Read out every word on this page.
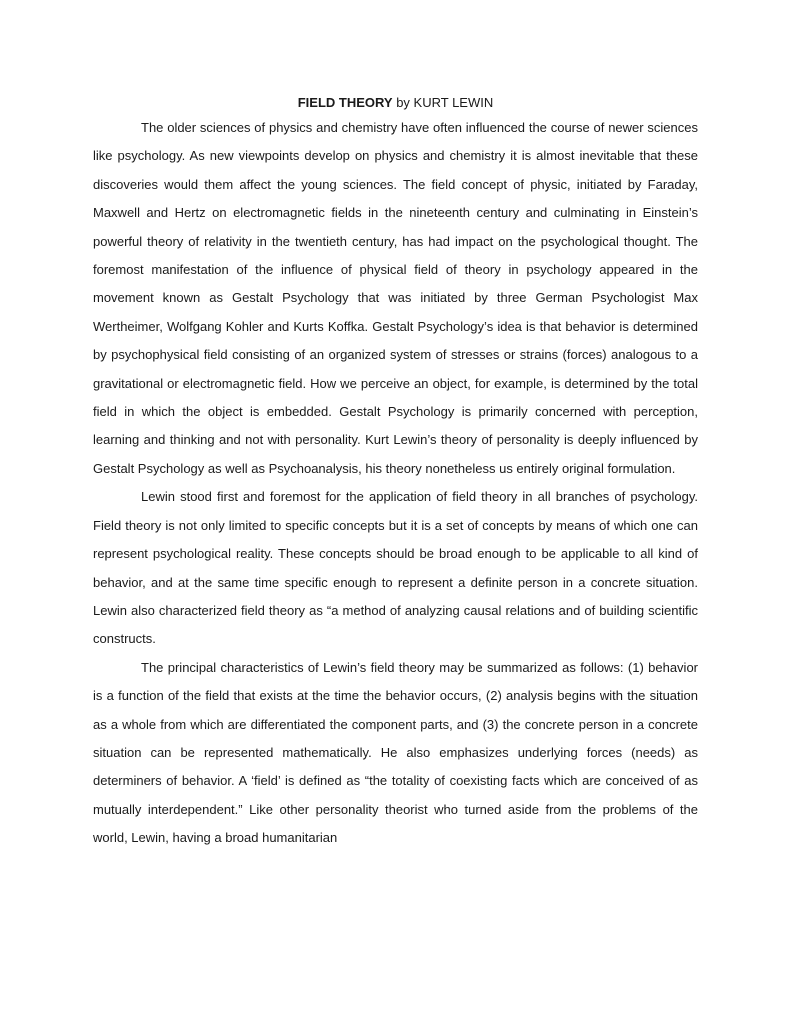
FIELD THEORY by KURT LEWIN

The older sciences of physics and chemistry have often influenced the course of newer sciences like psychology. As new viewpoints develop on physics and chemistry it is almost inevitable that these discoveries would them affect the young sciences. The field concept of physic, initiated by Faraday, Maxwell and Hertz on electromagnetic fields in the nineteenth century and culminating in Einstein’s powerful theory of relativity in the twentieth century, has had impact on the psychological thought. The foremost manifestation of the influence of physical field of theory in psychology appeared in the movement known as Gestalt Psychology that was initiated by three German Psychologist Max Wertheimer, Wolfgang Kohler and Kurts Koffka. Gestalt Psychology’s idea is that behavior is determined by psychophysical field consisting of an organized system of stresses or strains (forces) analogous to a gravitational or electromagnetic field. How we perceive an object, for example, is determined by the total field in which the object is embedded. Gestalt Psychology is primarily concerned with perception, learning and thinking and not with personality. Kurt Lewin’s theory of personality is deeply influenced by Gestalt Psychology as well as Psychoanalysis, his theory nonetheless us entirely original formulation.

Lewin stood first and foremost for the application of field theory in all branches of psychology. Field theory is not only limited to specific concepts but it is a set of concepts by means of which one can represent psychological reality. These concepts should be broad enough to be applicable to all kind of behavior, and at the same time specific enough to represent a definite person in a concrete situation. Lewin also characterized field theory as “a method of analyzing causal relations and of building scientific constructs.

The principal characteristics of Lewin’s field theory may be summarized as follows: (1) behavior is a function of the field that exists at the time the behavior occurs, (2) analysis begins with the situation as a whole from which are differentiated the component parts, and (3) the concrete person in a concrete situation can be represented mathematically. He also emphasizes underlying forces (needs) as determiners of behavior. A ‘field’ is defined as “the totality of coexisting facts which are conceived of as mutually interdependent.” Like other personality theorist who turned aside from the problems of the world, Lewin, having a broad humanitarian
